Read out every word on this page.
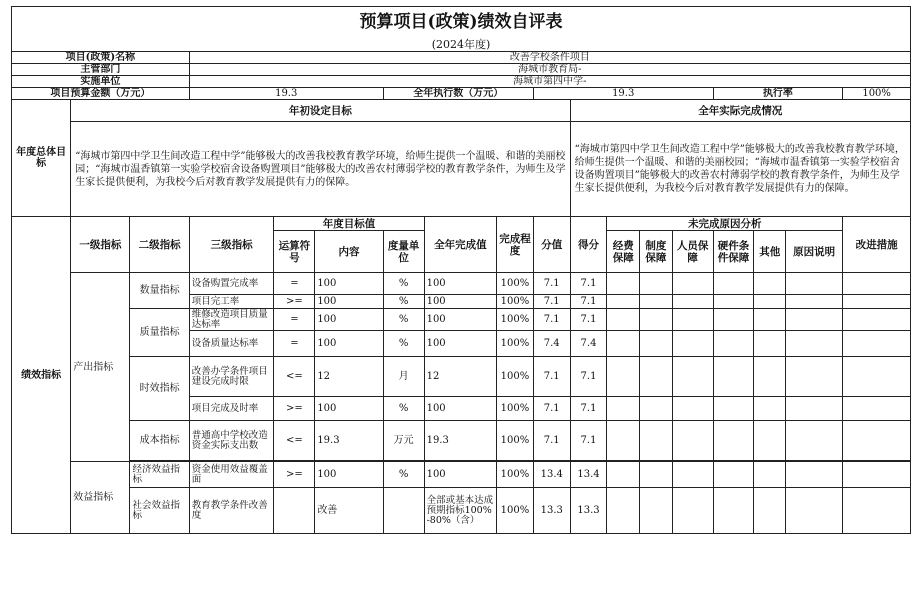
预算项目(政策)绩效自评表																	
(2024年度)																	
项目(政策)名称			改善学校条件项目														
主管部门			海城市教育局-														
实施单位			海城市第四中学-														
项目预算金额（万元）			19.3			全年执行数（万元）			19.3					执行率			100%
年度总体目标	年初设定目标									全年实际完成情况							
	“海城市第四中学卫生间改造工程中学”能够极大的改善我校教育教学环境，给师生提供一个温暖、和谐的美丽校园；“海城市温香镇第一实验学校宿舍设备购置项目”能够极大的改善农村薄弱学校的教育教学条件，为师生及学生家长提供便利，为我校今后对教育教学发展提供有力的保障。									“海城市第四中学卫生间改造工程中学”能够极大的改善我校教育教学环境，给师生提供一个温暖、和谐的美丽校园；“海城市温香镇第一实验学校宿舍设备购置项目”能够极大的改善农村薄弱学校的教育教学条件，为师生及学生家长提供便利，为我校今后对教育教学发展提供有力的保障。							
绩效指标	一级指标	二级指标	三级指标	年度目标值			全年完成值	完成程度	分值	得分	未完成原因分析						改进措施
				运算符号	内容	度量单位					经费保障	制度保障	人员保障	硬件条件保障	其他	原因说明	
	产出指标	数量指标	设备购置完成率	=	100	%	100	100%	7.1	7.1							
			项目完工率	>=	100	%	100	100%	7.1	7.1							
		质量指标	维修改造项目质量达标率	=	100	%	100	100%	7.1	7.1							
			设备质量达标率	=	100	%	100	100%	7.4	7.4							
		时效指标	改善办学条件项目建设完成时限	<=	12	月	12	100%	7.1	7.1							
			项目完成及时率	>=	100	%	100	100%	7.1	7.1							
		成本指标	普通高中学校改造资金实际支出数	<=	19.3	万元	19.3	100%	7.1	7.1							

	效益指标	经济效益指标	资金使用效益覆盖面	>=	100	%	100	100%	13.4	13.4							
		社会效益指标	教育教学条件改善度		改善		全部或基本达成预期指标100%-80%（含）	100%	13.3	13.3							
